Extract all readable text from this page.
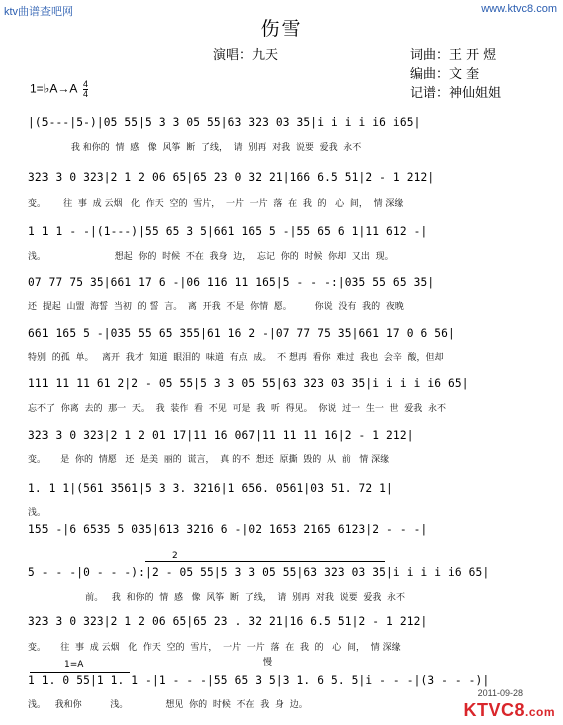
ktv曲谱查吧网	www.ktvc8.com
伤雪
演唱：九天	词曲：王 开 煜
编曲：文 奎
记谱：神仙姐姐
1=♭A→A $\frac{4}{4}$
|(5---|5-)|05 55|5 3 3 05 55|63 323 03 35|i i i i i6 i65|
我 和你的  情  感   像  风筝  断  了线，  请  别再  对我  说要  爱我  永不
323 3 0 323|2 1 2 06 65|65 23 0 32 21|166 6.5 51|2 - 1 212|
变。      往  事  成 云烟   化  作天  空的  雪片，  一片  一片  落  在  我  的   心  间，  情 深缘
1 1 1 - -|(1---)|55 65 3 5|661 165 5 -|55 65 6 1|11 612 -|
浅。                        想起  你的  时候  不在  我身  边，  忘记  你的  时候  你却  又出  现。
07 77 75 35|661 17 6 -|06 116 11 165|5 - - -:|035 55 65 35|
还  提起  山盟  海誓  当初  的 誓  言。  离  开我  不是  你情  愿。        你说  没有  我的  夜晚
661 165 5 -|035 55 65 355|61 16 2 -|07 77 75 35|661 17 0 6 56|
特别  的孤  单。   离开  我才  知道  眼泪的  味道  有点  成。  不 想再  看你  难过  我也  会辛  酸，但却
111 11 11 61 2|2 - 05 55|5 3 3 05 55|63 323 03 35|i i i i i6 65|
忘不了  你离  去的  那一  天。  我  装作  看  不见  可是  我  听  得见。  你说  过一  生一  世  爱我  永不
323 3 0 323|2 1 2 01 17|11 16 067|11 11 11 16|2 - 1 212|
变。     是  你的  情愿   还  是美  丽的  谎言，  真 的不  想还  原撕  毁的  从  前   情 深缘
1. 1 1|(561 3561|5 3 3. 3216|1 656. 0561|03 51. 72 1|
浅。
155 -|6 6535 5 035|613 3216 6 -|02 1653 2165 6123|2 - - -|
2
5 - - -|0 - - -):|2 - 05 55|5 3 3 05 55|63 323 03 35|i i i i i6 65|
前。   我  和你的  情  感   像  风筝  断  了线，  请  别再  对我  说要  爱我  永不
323 3 0 323|2 1 2 06 65|65 23 . 32 21|16 6.5 51|2 - 1 212|
变。     往  事  成 云烟   化  作天  空的  雪片，  一片  一片  落  在  我  的   心  间，  情 深缘
1=A	慢
1 1. 0 55|1 1. 1 -|1 - - -|55 65 3 5|3 1. 6 5. 5|i - - -|(3 - - -)|
浅。   我和你          浅。             想见  你的  时候  不在  我  身  边。
2011-09-28
KTVC8.com
